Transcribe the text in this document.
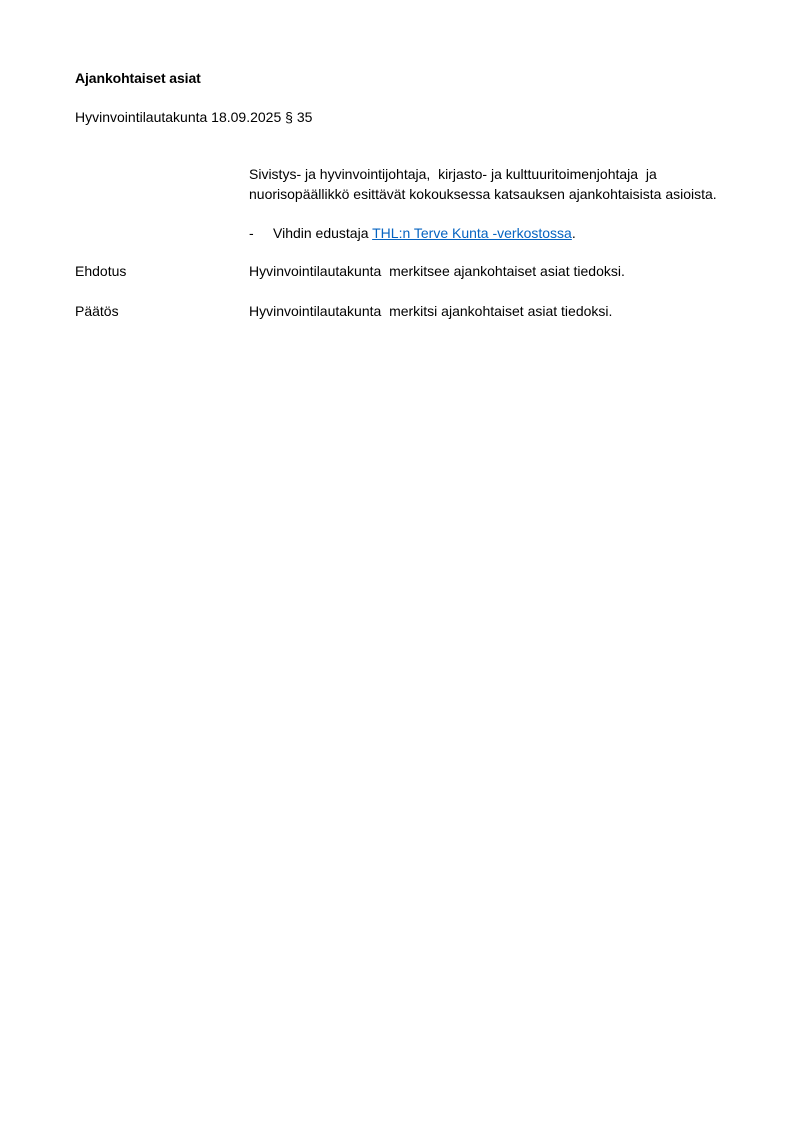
Ajankohtaiset asiat
Hyvinvointilautakunta 18.09.2025 § 35
Sivistys- ja hyvinvointijohtaja,  kirjasto- ja kulttuuritoimenjohtaja  ja
nuorisopäällikkö esittävät kokouksessa katsauksen ajankohtaisista asioista.
-	Vihdin edustaja THL:n Terve Kunta -verkostossa.
Ehdotus	Hyvinvointilautakunta  merkitsee ajankohtaiset asiat tiedoksi.
Päätös	Hyvinvointilautakunta  merkitsi ajankohtaiset asiat tiedoksi.
